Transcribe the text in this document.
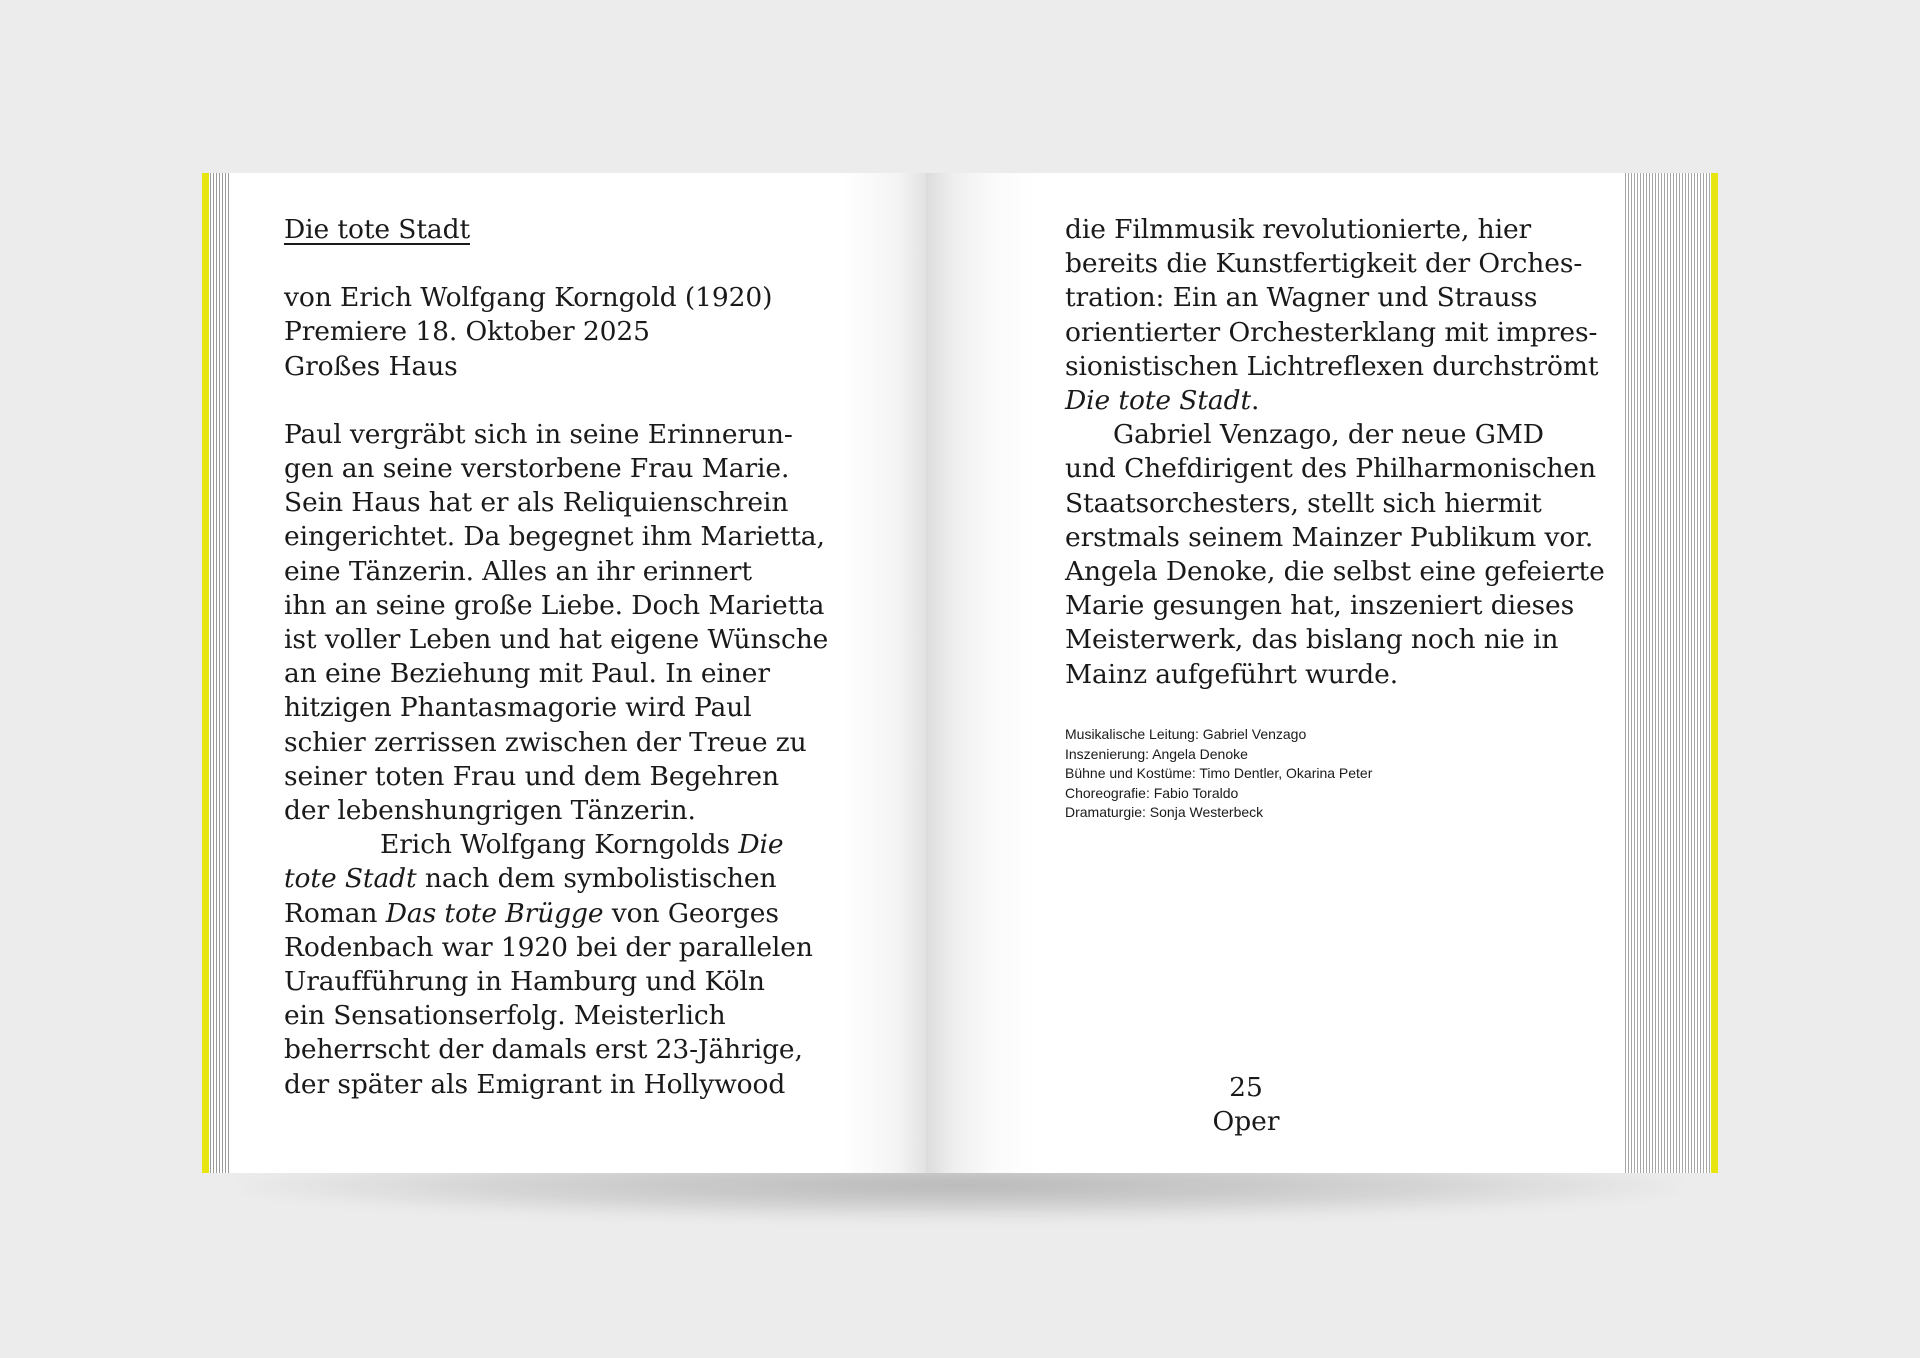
Die tote Stadt
von Erich Wolfgang Korngold (1920)
Premiere 18. Oktober 2025
Großes Haus

Paul vergräbt sich in seine Erinnerun-
gen an seine verstorbene Frau Marie.
Sein Haus hat er als Reliquienschrein
eingerichtet. Da begegnet ihm Marietta,
eine Tänzerin. Alles an ihr erinnert
ihn an seine große Liebe. Doch Marietta
ist voller Leben und hat eigene Wünsche
an eine Beziehung mit Paul. In einer
hitzigen Phantasmagorie wird Paul
schier zerrissen zwischen der Treue zu
seiner toten Frau und dem Begehren
der lebenshungrigen Tänzerin.

Erich Wolfgang Korngolds Die
tote Stadt nach dem symbolistischen
Roman Das tote Brügge von Georges
Rodenbach war 1920 bei der parallelen
Uraufführung in Hamburg und Köln
ein Sensationserfolg. Meisterlich
beherrscht der damals erst 23-Jährige,
der später als Emigrant in Hollywood

die Filmmusik revolutionierte, hier
bereits die Kunstfertigkeit der Orches-
tration: Ein an Wagner und Strauss
orientierter Orchesterklang mit impres-
sionistischen Lichtreflexen durchströmt
Die tote Stadt.

Gabriel Venzago, der neue GMD
und Chefdirigent des Philharmonischen
Staatsorchesters, stellt sich hiermit
erstmals seinem Mainzer Publikum vor.
Angela Denoke, die selbst eine gefeierte
Marie gesungen hat, inszeniert dieses
Meisterwerk, das bislang noch nie in
Mainz aufgeführt wurde.

Musikalische Leitung: Gabriel Venzago
Inszenierung: Angela Denoke
Bühne und Kostüme: Timo Dentler, Okarina Peter
Choreografie: Fabio Toraldo
Dramaturgie: Sonja Westerbeck
25
Oper
